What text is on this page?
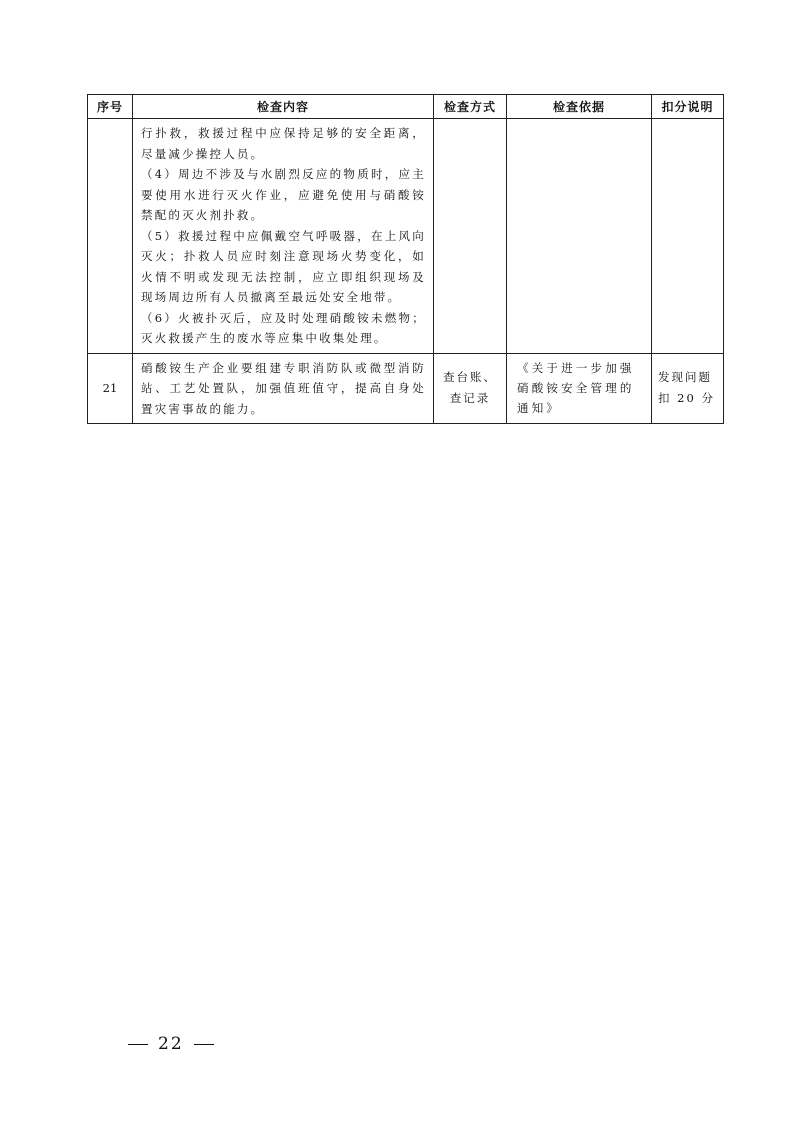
序号	检查内容	检查方式	检查依据	扣分说明

	行扑救，救援过程中应保持足够的安全距离，尽量减少操控人员。

（4）周边不涉及与水剧烈反应的物质时，应主要使用水进行灭火作业，应避免使用与硝酸铵禁配的灭火剂扑救。

（5）救援过程中应佩戴空气呼吸器，在上风向灭火；扑救人员应时刻注意现场火势变化，如火情不明或发现无法控制，应立即组织现场及现场周边所有人员撤离至最远处安全地带。

（6）火被扑灭后，应及时处理硝酸铵未燃物；灭火救援产生的废水等应集中收集处理。			

21	硝酸铵生产企业要组建专职消防队或微型消防站、工艺处置队，加强值班值守，提高自身处置灾害事故的能力。	查台账、查记录	《关于进一步加强硝酸铵安全管理的通知》	发现问题扣 20 分
22
